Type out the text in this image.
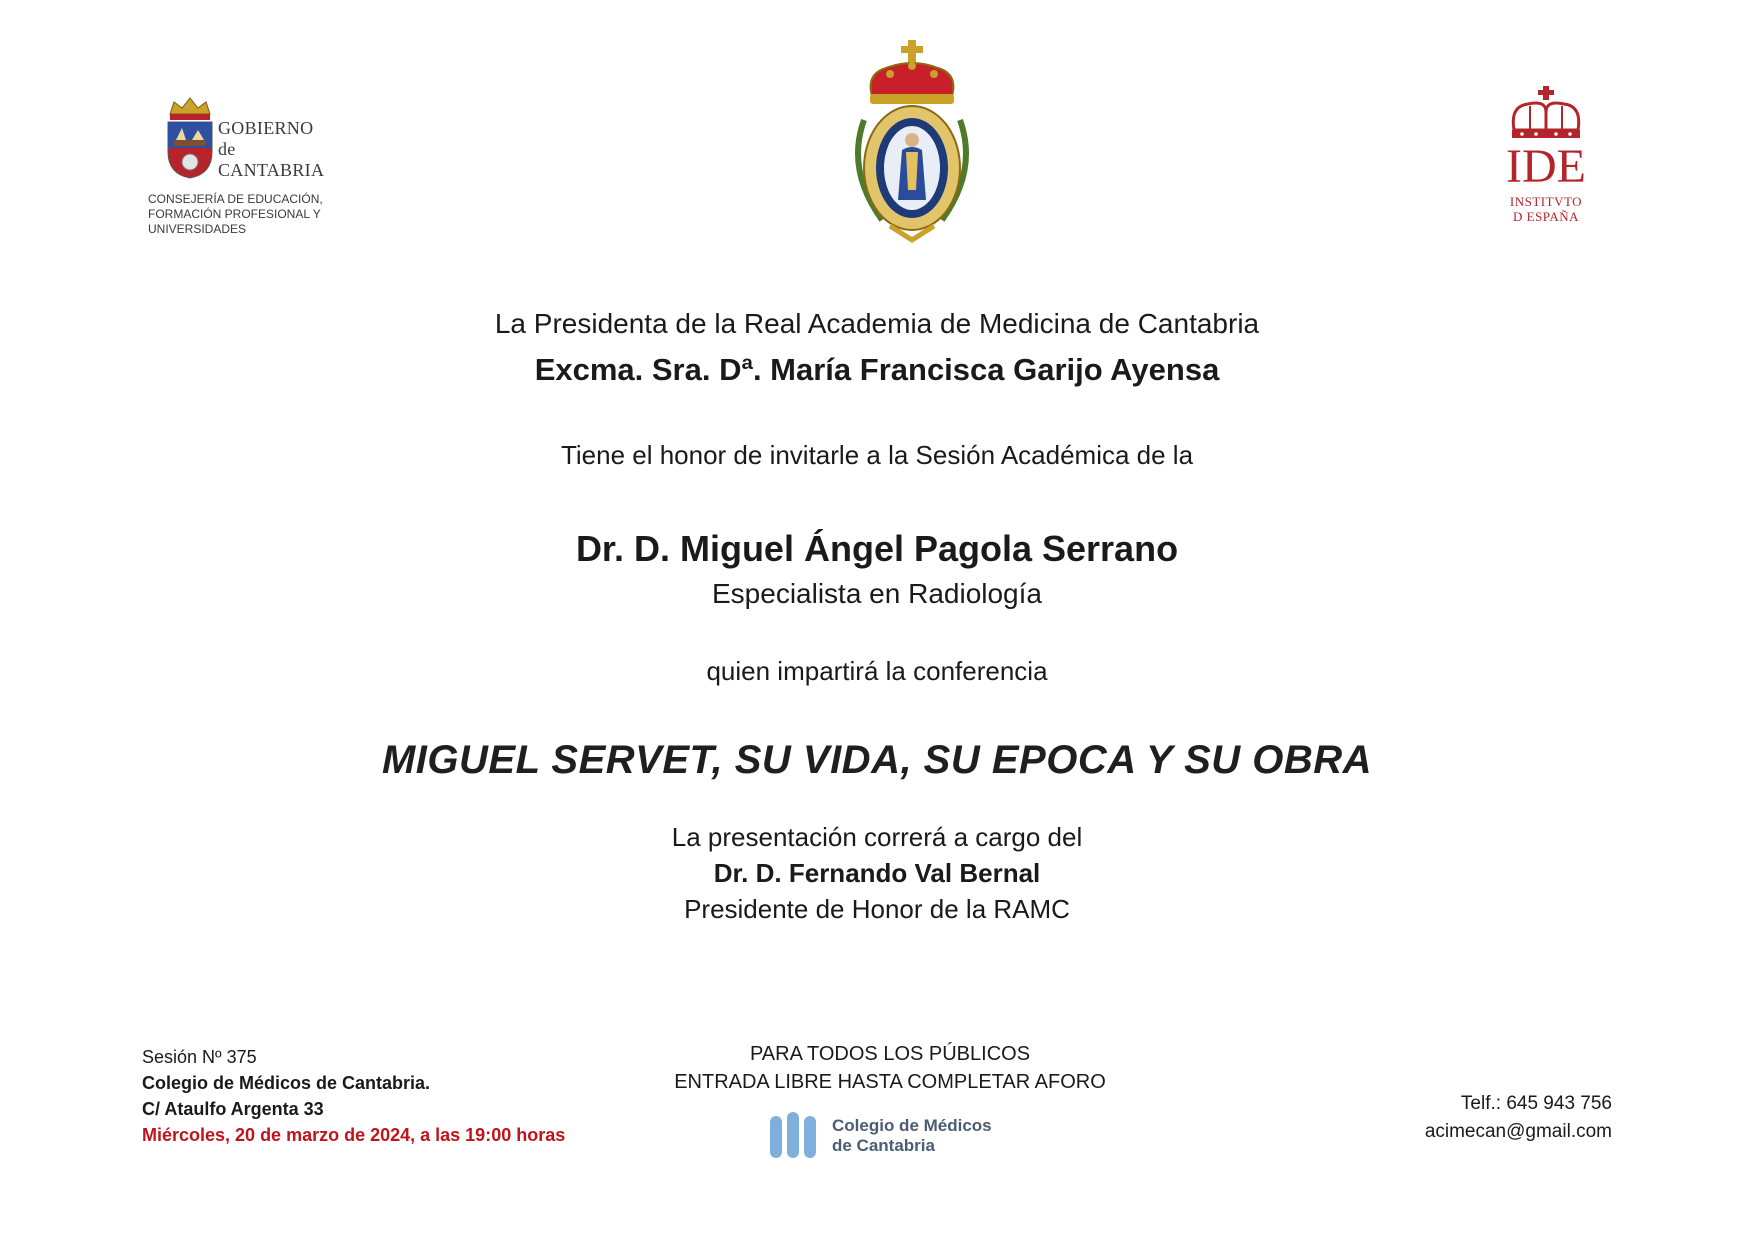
GOBIERNO
de
CANTABRIA
CONSEJERÍA DE EDUCACIÓN,
FORMACIÓN PROFESIONAL Y
UNIVERSIDADES
IDE
INSTITVTO
D ESPAÑA
La Presidenta de la Real Academia de Medicina de Cantabria
Excma. Sra. Dª. María Francisca Garijo Ayensa
Tiene el honor de invitarle a la Sesión Académica de la
Dr. D. Miguel Ángel Pagola Serrano
Especialista en Radiología
quien impartirá la conferencia
MIGUEL SERVET, SU VIDA, SU EPOCA Y SU OBRA
La presentación correrá a cargo del
Dr. D. Fernando Val Bernal
Presidente de Honor de la RAMC
Sesión Nº 375
Colegio de Médicos de Cantabria.
C/ Ataulfo Argenta 33
Miércoles, 20 de marzo de 2024, a las 19:00 horas
PARA TODOS LOS PÚBLICOS
ENTRADA LIBRE HASTA COMPLETAR AFORO
Colegio de Médicos
de Cantabria
Telf.: 645 943 756
acimecan@gmail.com
